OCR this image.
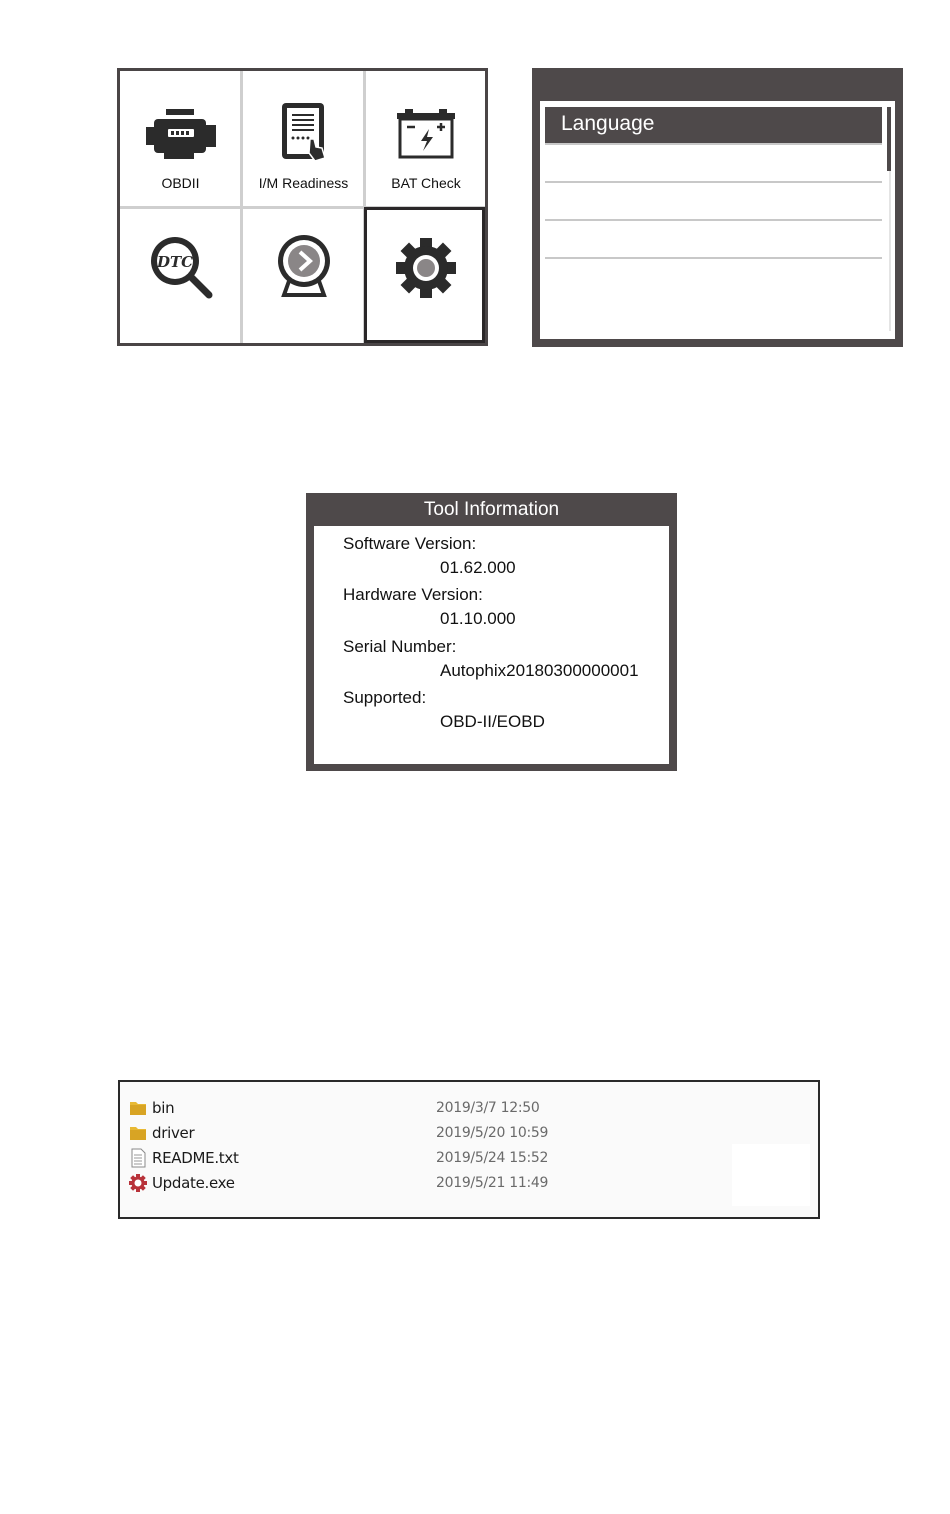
OBDII	I/M Readiness	BAT Check
DTC
Language
Tool Information
Software Version:
01.62.000
Hardware Version:
01.10.000
Serial Number:
Autophix20180300000001
Supported:
OBD-II/EOBD
bin	2019/3/7 12:50
driver	2019/5/20 10:59
README.txt	2019/5/24 15:52
Update.exe	2019/5/21 11:49
